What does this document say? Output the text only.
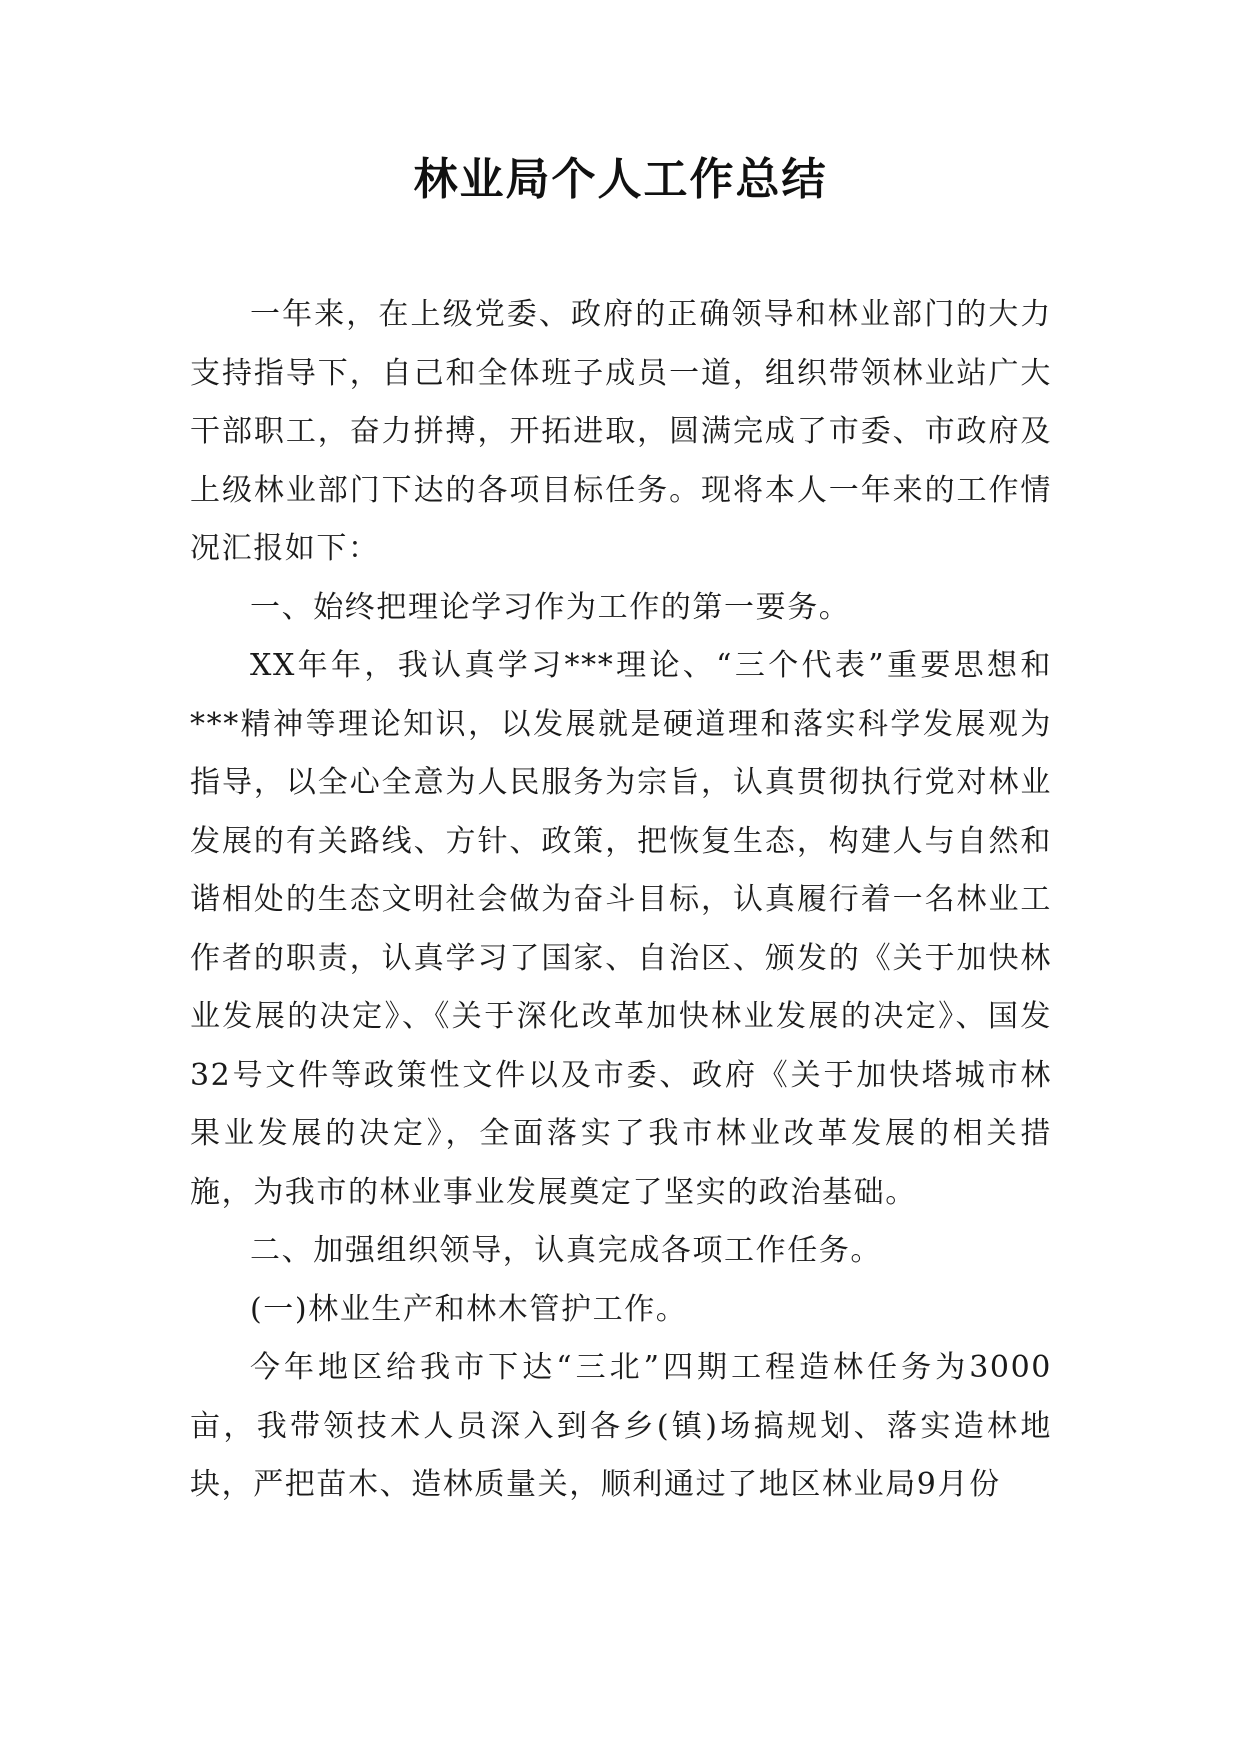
林业局个人工作总结

一年来，在上级党委、政府的正确领导和林业部门的大力支持指导下，自己和全体班子成员一道，组织带领林业站广大干部职工，奋力拼搏，开拓进取，圆满完成了市委、市政府及上级林业部门下达的各项目标任务。现将本人一年来的工作情况汇报如下：

一、始终把理论学习作为工作的第一要务。

XX年年，我认真学习***理论、“三个代表”重要思想和***精神等理论知识，以发展就是硬道理和落实科学发展观为指导，以全心全意为人民服务为宗旨，认真贯彻执行党对林业发展的有关路线、方针、政策，把恢复生态，构建人与自然和谐相处的生态文明社会做为奋斗目标，认真履行着一名林业工作者的职责，认真学习了国家、自治区、颁发的《关于加快林业发展的决定》、《关于深化改革加快林业发展的决定》、国发32号文件等政策性文件以及市委、政府《关于加快塔城市林果业发展的决定》，全面落实了我市林业改革发展的相关措施，为我市的林业事业发展奠定了坚实的政治基础。

二、加强组织领导，认真完成各项工作任务。

(一)林业生产和林木管护工作。

今年地区给我市下达“三北”四期工程造林任务为3000亩，我带领技术人员深入到各乡(镇)场搞规划、落实造林地块，严把苗木、造林质量关，顺利通过了地区林业局9月份
